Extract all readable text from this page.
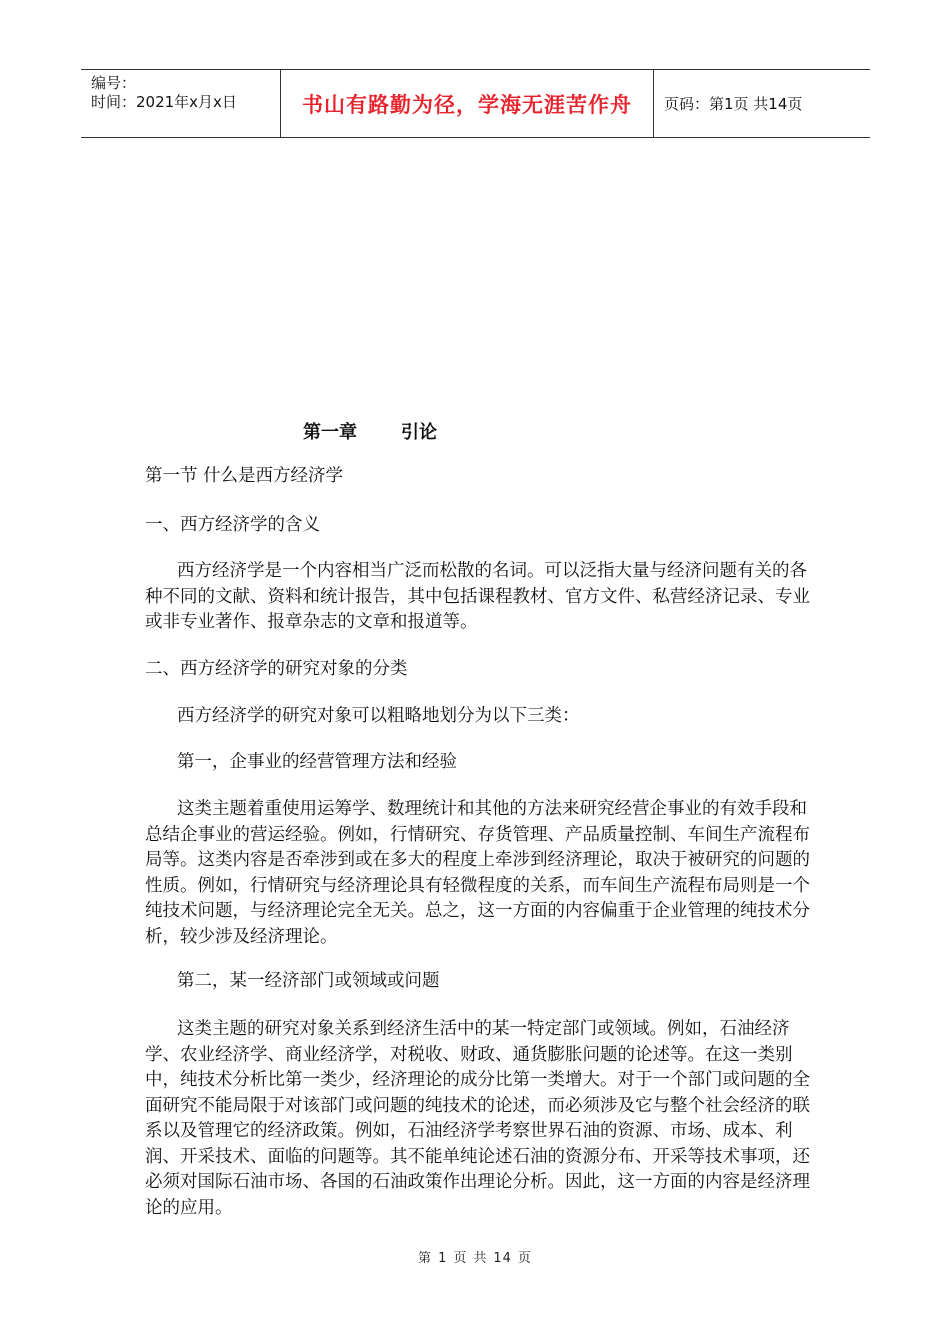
编号：
时间：2021年x月x日	书山有路勤为径，学海无涯苦作舟	页码：第1页 共14页
第一章 引论
第一节 什么是西方经济学
一、西方经济学的含义
西方经济学是一个内容相当广泛而松散的名词。可以泛指大量与经济问题有关的各种不同的文献、资料和统计报告，其中包括课程教材、官方文件、私营经济记录、专业或非专业著作、报章杂志的文章和报道等。
二、西方经济学的研究对象的分类
西方经济学的研究对象可以粗略地划分为以下三类：
第一，企事业的经营管理方法和经验
这类主题着重使用运筹学、数理统计和其他的方法来研究经营企事业的有效手段和总结企事业的营运经验。例如，行情研究、存货管理、产品质量控制、车间生产流程布局等。这类内容是否牵涉到或在多大的程度上牵涉到经济理论，取决于被研究的问题的性质。例如，行情研究与经济理论具有轻微程度的关系，而车间生产流程布局则是一个纯技术问题，与经济理论完全无关。总之，这一方面的内容偏重于企业管理的纯技术分析，较少涉及经济理论。
第二，某一经济部门或领域或问题
这类主题的研究对象关系到经济生活中的某一特定部门或领域。例如，石油经济学、农业经济学、商业经济学，对税收、财政、通货膨胀问题的论述等。在这一类别中，纯技术分析比第一类少，经济理论的成分比第一类增大。对于一个部门或问题的全面研究不能局限于对该部门或问题的纯技术的论述，而必须涉及它与整个社会经济的联系以及管理它的经济政策。例如，石油经济学考察世界石油的资源、市场、成本、利润、开采技术、面临的问题等。其不能单纯论述石油的资源分布、开采等技术事项，还必须对国际石油市场、各国的石油政策作出理论分析。因此，这一方面的内容是经济理论的应用。
第 1 页 共 14 页
